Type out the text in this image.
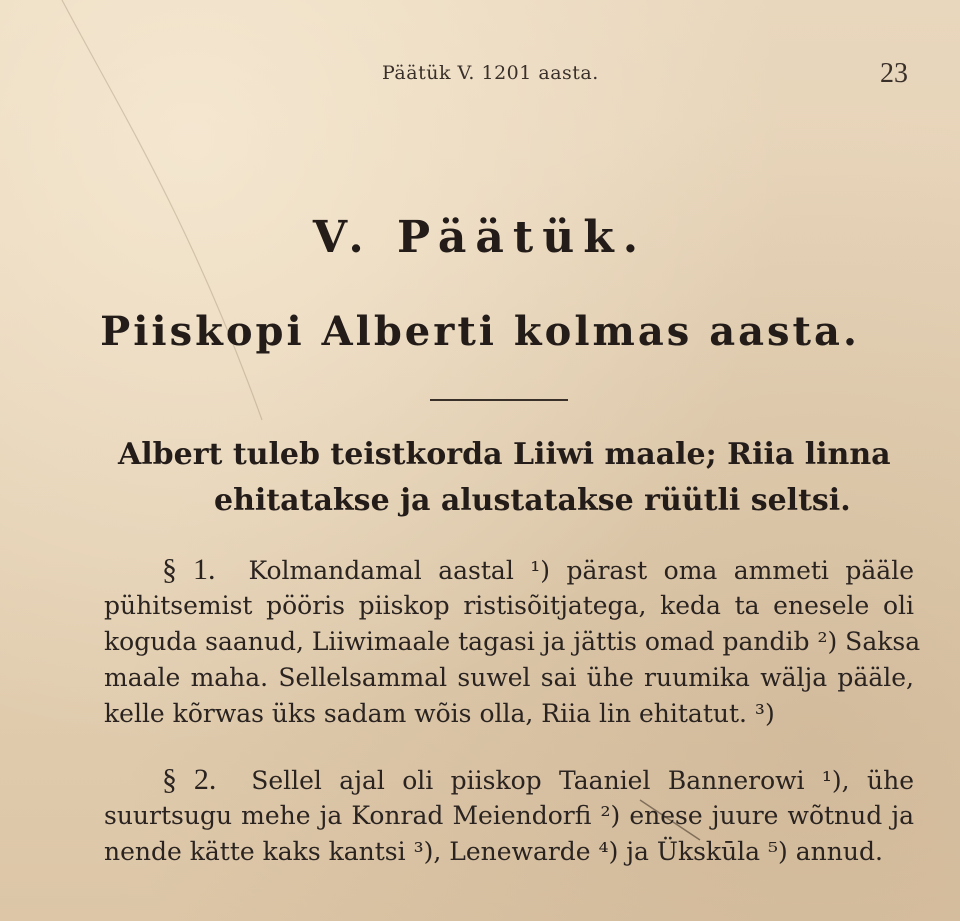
Päätük V. 1201 aasta.	23
V. Päätük.
Piiskopi Alberti kolmas aasta.
Albert tuleb teistkorda Liiwi maale; Riia linna
ehitatakse ja alustatakse rüütli seltsi.
§ 1. Kolmandamal aastal ¹) pärast oma ammeti pääle
pühitsemist pööris piiskop ristisõitjatega, keda ta enesele oli
koguda saanud, Liiwimaale tagasi ja jättis omad pandib ²) Saksa
maale maha. Sellelsammal suwel sai ühe ruumika wälja pääle,
kelle kõrwas üks sadam wõis olla, Riia lin ehitatut. ³)
§ 2. Sellel ajal oli piiskop Taaniel Bannerowi ¹), ühe
suurtsugu mehe ja Konrad Meiendorfi ²) enese juure wõtnud ja
nende kätte kaks kantsi ³), Lenewarde ⁴) ja Ükskūla ⁵) annud.
